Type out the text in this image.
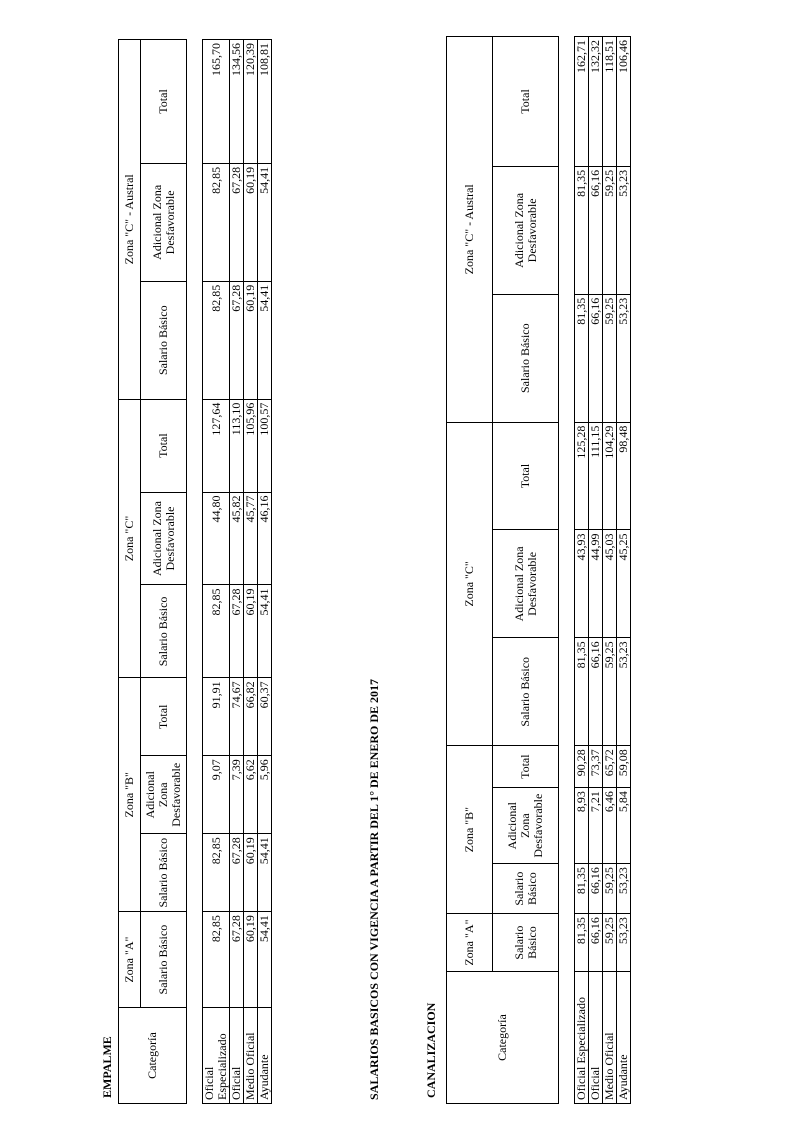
EMPALME	Categoría	Zona "A"	Zona "B"			Zona "C"			Zona "C" - Austral		
	Salario Básico	Salario Básico	Adicional Zona Desfavorable	Total	Salario Básico	Adicional Zona Desfavorable	Total	Salario Básico	Adicional Zona Desfavorable	Total

Oficial Especializado	82,85	82,85	9,07	91,91	82,85	44,80	127,64	82,85	82,85	165,70
Oficial	67,28	67,28	7,39	74,67	67,28	45,82	113,10	67,28	67,28	134,56
Medio Oficial	60,19	60,19	6,62	66,82	60,19	45,77	105,96	60,19	60,19	120,39
Ayudante	54,41	54,41	5,96	60,37	54,41	46,16	100,57	54,41	54,41	108,81
SALARIOS BASICOS CON VIGENCIA A PARTIR DEL 1° DE ENERO DE 2017	CANALIZACION	Categoría	Zona "A"	Zona "B"			Zona "C"			Zona "C" - Austral		
	Salario Básico	Salario Básico	Adicional Zona Desfavorable	Total	Salario Básico	Adicional Zona Desfavorable	Total	Salario Básico	Adicional Zona Desfavorable	Total

Oficial Especializado	81,35	81,35	8,93	90,28	81,35	43,93	125,28	81,35	81,35	162,71
Oficial	66,16	66,16	7,21	73,37	66,16	44,99	111,15	66,16	66,16	132,32
Medio Oficial	59,25	59,25	6,46	65,72	59,25	45,03	104,29	59,25	59,25	118,51
Ayudante	53,23	53,23	5,84	59,08	53,23	45,25	98,48	53,23	53,23	106,46
